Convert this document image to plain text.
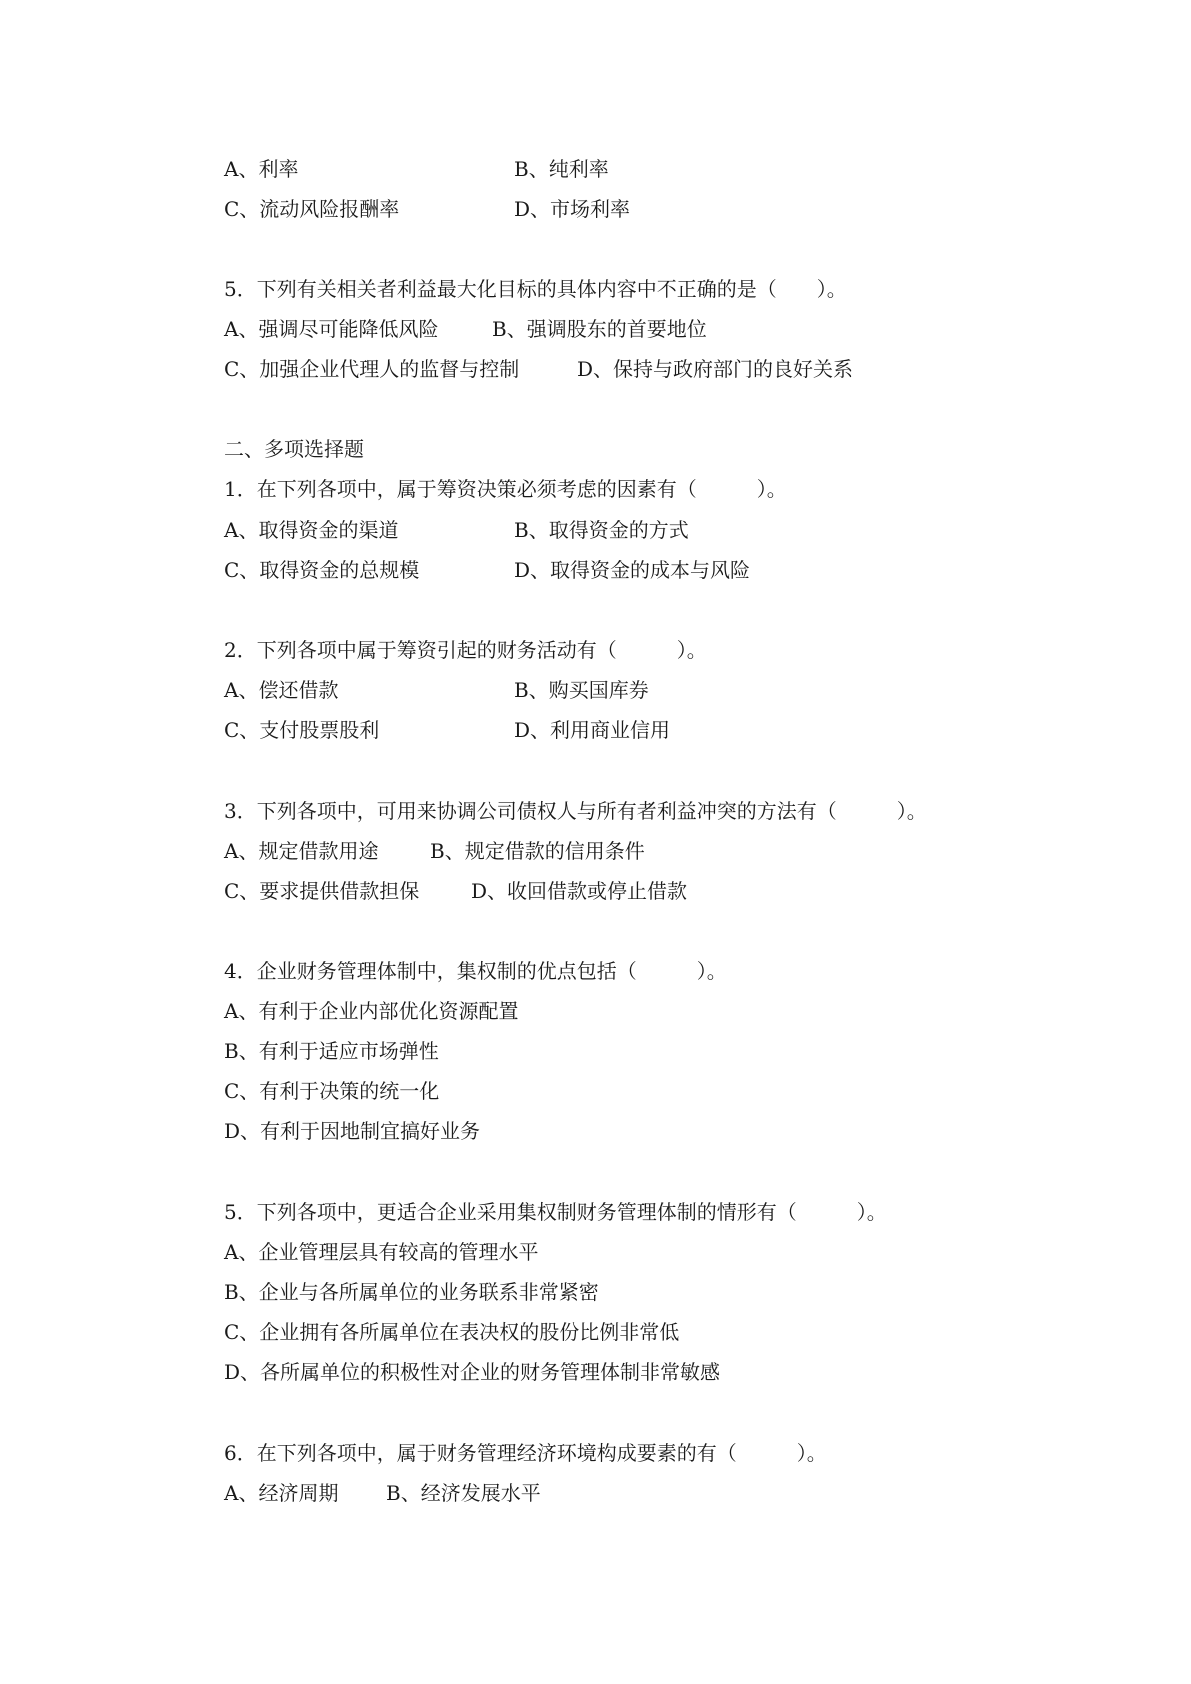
A、利率	B、纯利率
C、流动风险报酬率	D、市场利率
5．下列有关相关者利益最大化目标的具体内容中不正确的是（　　）。
A、强调尽可能降低风险	B、强调股东的首要地位
C、加强企业代理人的监督与控制	D、保持与政府部门的良好关系
二、多项选择题
1．在下列各项中，属于筹资决策必须考虑的因素有（　　　）。
A、取得资金的渠道	B、取得资金的方式
C、取得资金的总规模	D、取得资金的成本与风险
2．下列各项中属于筹资引起的财务活动有（　　　）。
A、偿还借款	B、购买国库券
C、支付股票股利	D、利用商业信用
3．下列各项中，可用来协调公司债权人与所有者利益冲突的方法有（　　　）。
A、规定借款用途	B、规定借款的信用条件
C、要求提供借款担保	D、收回借款或停止借款
4．企业财务管理体制中，集权制的优点包括（　　　）。
A、有利于企业内部优化资源配置
B、有利于适应市场弹性
C、有利于决策的统一化
D、有利于因地制宜搞好业务
5．下列各项中，更适合企业采用集权制财务管理体制的情形有（　　　）。
A、企业管理层具有较高的管理水平
B、企业与各所属单位的业务联系非常紧密
C、企业拥有各所属单位在表决权的股份比例非常低
D、各所属单位的积极性对企业的财务管理体制非常敏感
6．在下列各项中，属于财务管理经济环境构成要素的有（　　　）。
A、经济周期 B、经济发展水平
